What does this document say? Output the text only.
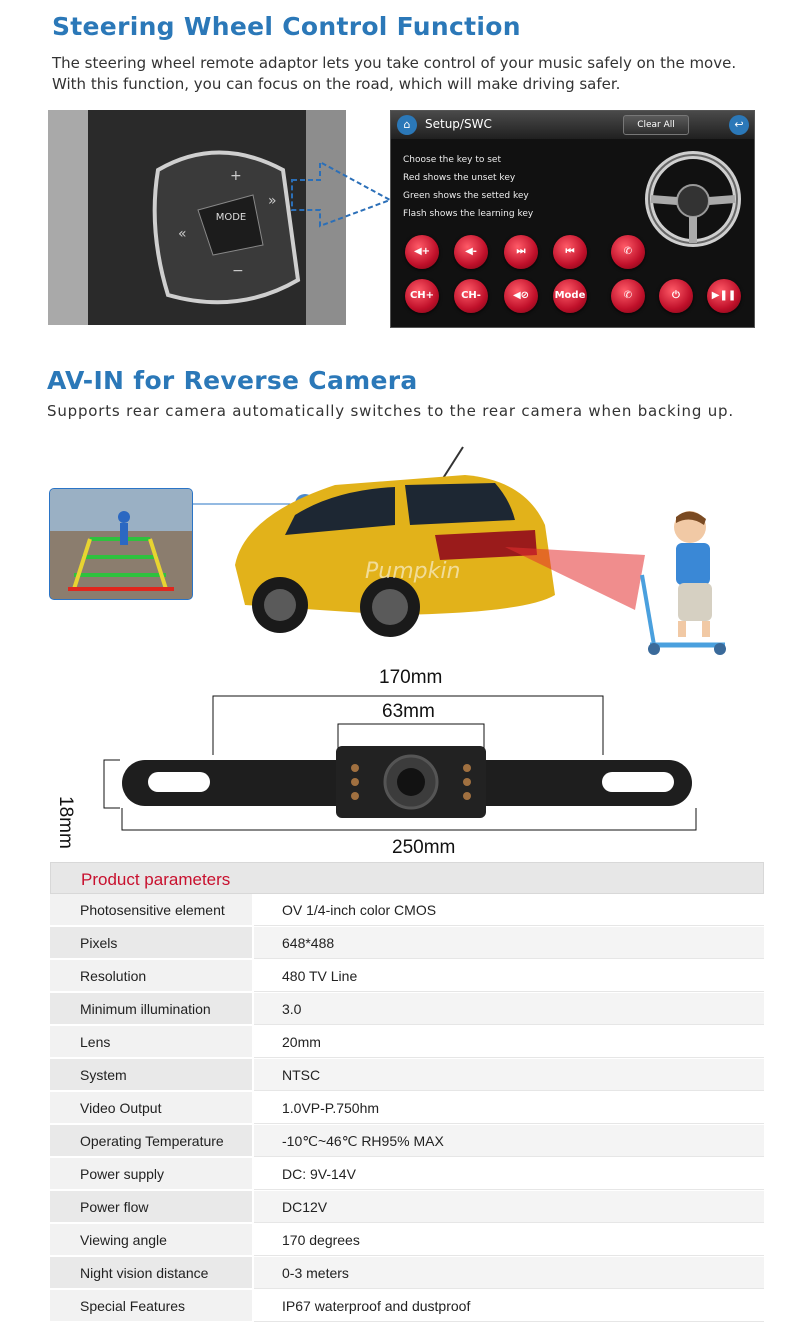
Steering Wheel Control Function
The steering wheel remote adaptor lets you take control of your music safely on the move.
With this function, you can focus on the road, which will make driving safer.
MODE
+
−
«
»
⌂	Setup/SWC	Clear All	↩
Choose the key to set
Red shows the unset key
Green shows the setted key
Flash shows the learning key
◀+	◀-	⏭	⏮	✆
CH+	CH-	◀⊘	Mode	✆	⏻	▶❚❚
AV-IN for Reverse Camera
Supports rear camera automatically switches to the rear camera when backing up.
Pumpkin
170mm
63mm
18mm	250mm
Product parameters
Photosensitive element	OV 1/4-inch color CMOS
Pixels	648*488
Resolution	480 TV Line
Minimum illumination	3.0
Lens	20mm
System	NTSC
Video Output	1.0VP-P.750hm
Operating Temperature	-10℃~46℃ RH95% MAX
Power supply	DC: 9V-14V
Power flow	DC12V
Viewing angle	170 degrees
Night vision distance	0-3 meters
Special Features	IP67 waterproof and dustproof
